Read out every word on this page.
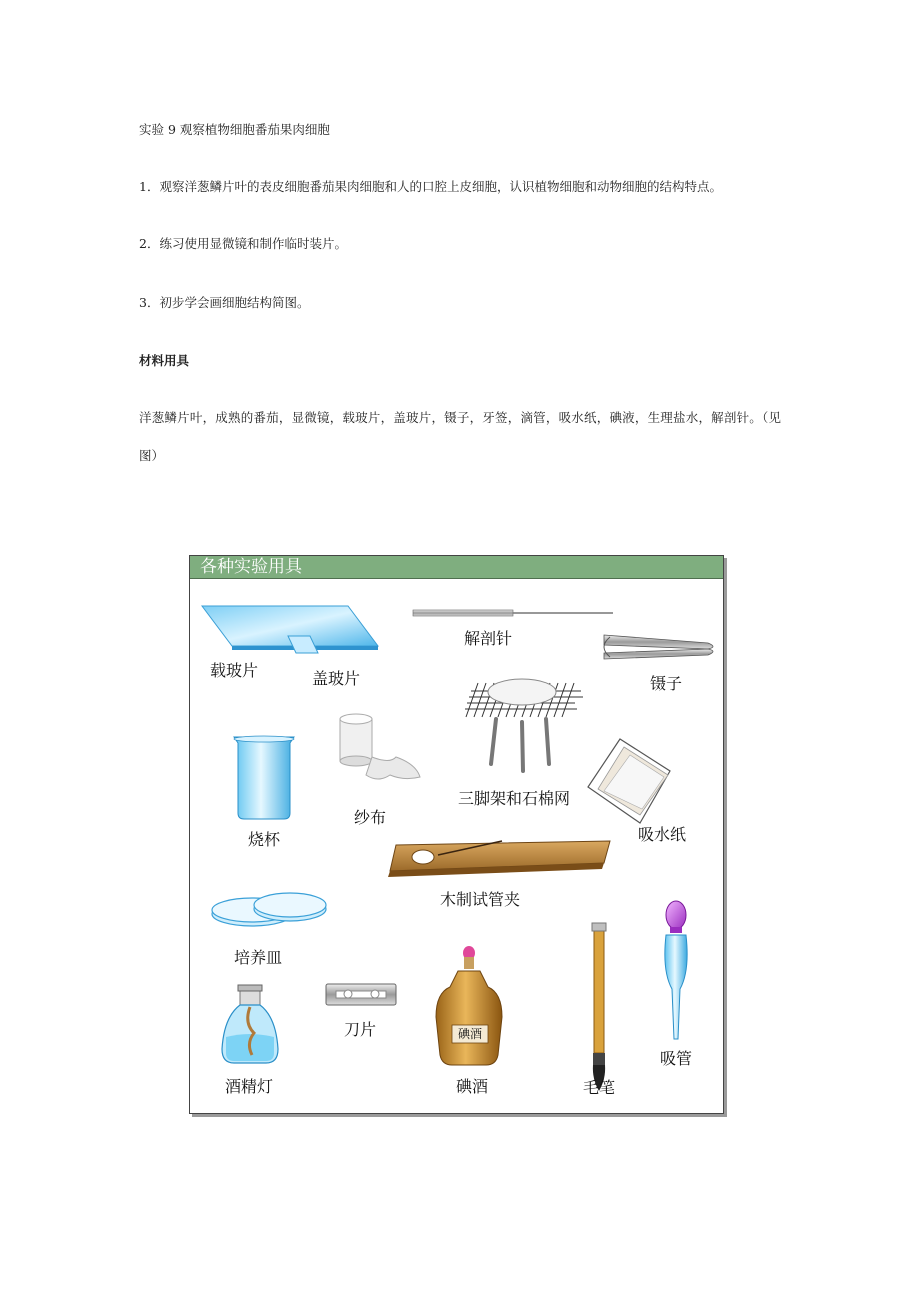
实验 9 观察植物细胞番茄果肉细胞
1．观察洋葱鳞片叶的表皮细胞番茄果肉细胞和人的口腔上皮细胞，认识植物细胞和动物细胞的结构特点。
2．练习使用显微镜和制作临时装片。
3．初步学会画细胞结构简图。
材料用具
洋葱鳞片叶，成熟的番茄，显微镜，载玻片，盖玻片，镊子，牙签，滴管，吸水纸，碘液，生理盐水，解剖针。（见图）
各种实验用具
载玻片	盖玻片
解剖针
镊子
三脚架和石棉网
烧杯
纱布
吸水纸
木制试管夹
培养皿
刀片
酒精灯	碘酒
碘酒
毛笔
吸管
